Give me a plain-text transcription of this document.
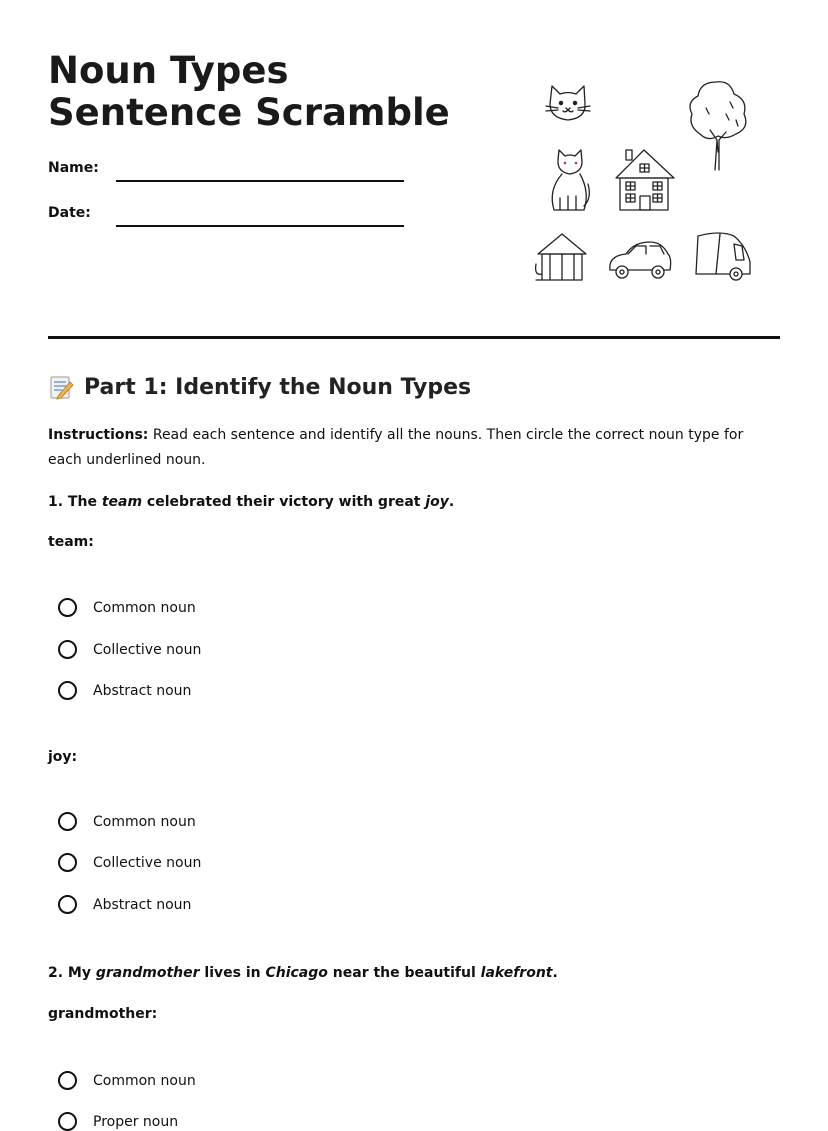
Noun Types Sentence Scramble
Name:
Date:
Part 1: Identify the Noun Types

Instructions: Read each sentence and identify all the nouns. Then circle the correct noun type for each underlined noun.

1. The team celebrated their victory with great joy.

team:
Common noun
Collective noun
Abstract noun
joy:
Common noun
Collective noun
Abstract noun

2. My grandmother lives in Chicago near the beautiful lakefront.

grandmother:
Common noun
Proper noun
